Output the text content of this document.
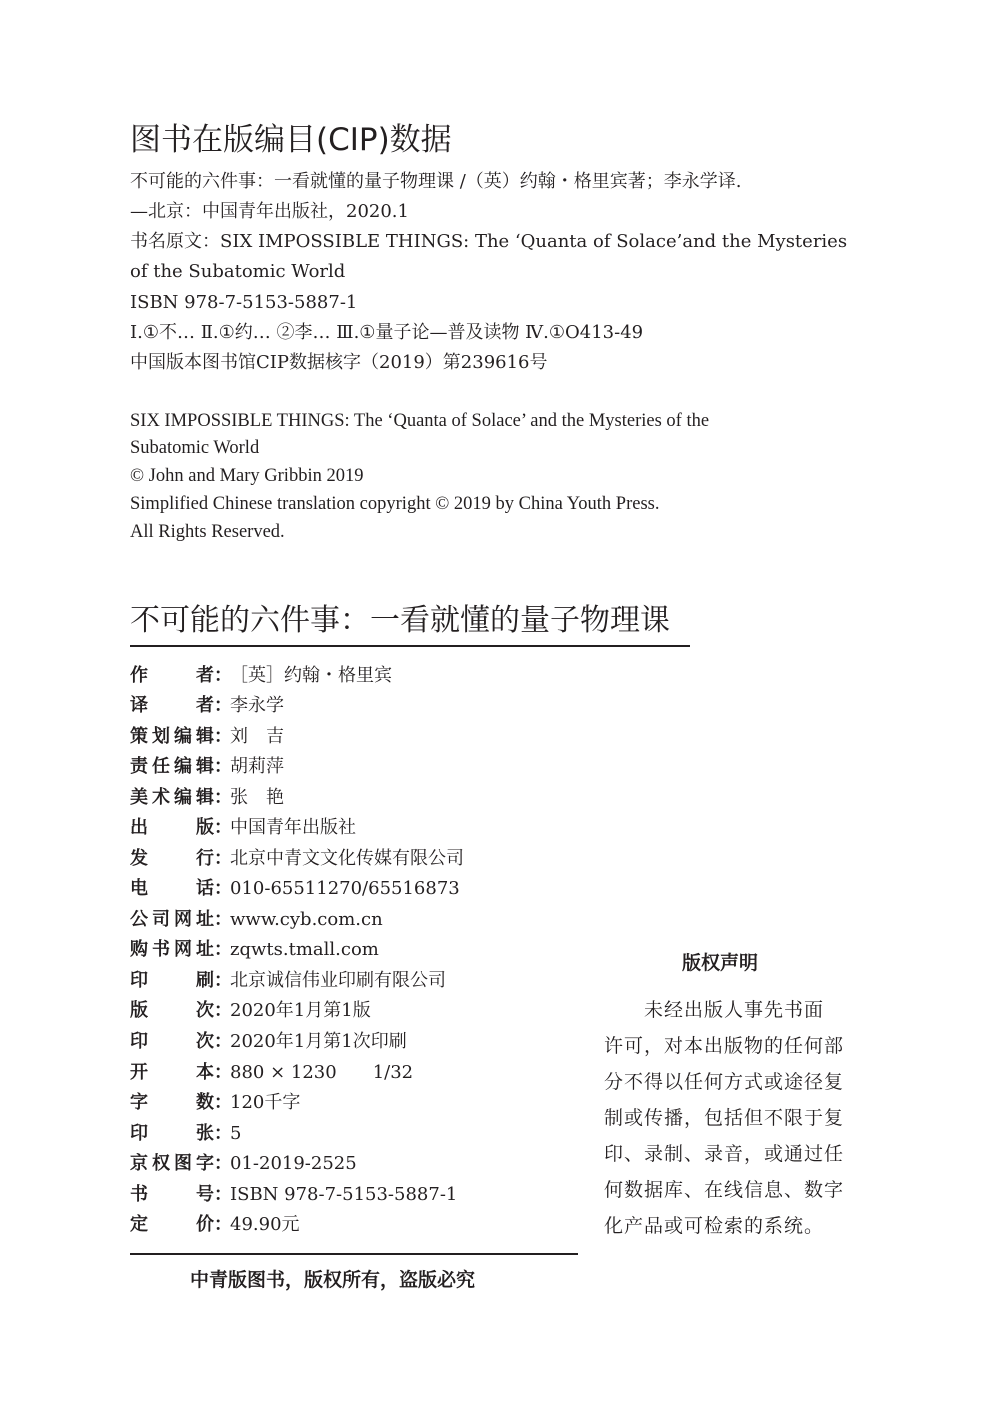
图书在版编目(CIP)数据
不可能的六件事：一看就懂的量子物理课 /（英）约翰・格里宾著；李永学译.
—北京：中国青年出版社，2020.1
书名原文：SIX IMPOSSIBLE THINGS: The ‘Quanta of Solace’and the Mysteries
of the Subatomic World
ISBN 978-7-5153-5887-1
Ⅰ.①不… Ⅱ.①约… ②李… Ⅲ.①量子论—普及读物 Ⅳ.①O413-49
中国版本图书馆CIP数据核字（2019）第239616号
SIX IMPOSSIBLE THINGS: The ‘Quanta of Solace’ and the Mysteries of the
Subatomic World
© John and Mary Gribbin 2019
Simplified Chinese translation copyright © 2019 by China Youth Press.
All Rights Reserved.
不可能的六件事：一看就懂的量子物理课
作者：［英］约翰・格里宾
译者：李永学
策划编辑：刘　吉
责任编辑：胡莉萍
美术编辑：张　艳
出版：中国青年出版社
发行：北京中青文文化传媒有限公司
电话：010-65511270/65516873
公司网址：www.cyb.com.cn
购书网址：zqwts.tmall.com
印刷：北京诚信伟业印刷有限公司
版次：2020年1月第1版
印次：2020年1月第1次印刷
开本：880 × 1230　　1/32
字数：120千字
印张：5
京权图字：01-2019-2525
书号：ISBN 978-7-5153-5887-1
定价：49.90元
中青版图书，版权所有，盗版必究
版权声明
　　未经出版人事先书面
许可，对本出版物的任何部
分不得以任何方式或途径复
制或传播，包括但不限于复
印、录制、录音，或通过任
何数据库、在线信息、数字
化产品或可检索的系统。
